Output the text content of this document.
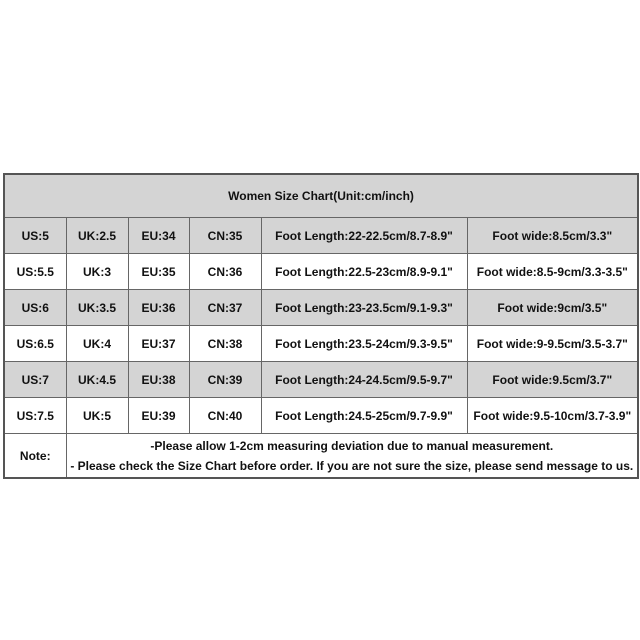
Women Size Chart(Unit:cm/inch)					
US:5	UK:2.5	EU:34	CN:35	Foot Length:22-22.5cm/8.7-8.9"	Foot wide:8.5cm/3.3"
US:5.5	UK:3	EU:35	CN:36	Foot Length:22.5-23cm/8.9-9.1"	Foot wide:8.5-9cm/3.3-3.5"
US:6	UK:3.5	EU:36	CN:37	Foot Length:23-23.5cm/9.1-9.3"	Foot wide:9cm/3.5"
US:6.5	UK:4	EU:37	CN:38	Foot Length:23.5-24cm/9.3-9.5"	Foot wide:9-9.5cm/3.5-3.7"
US:7	UK:4.5	EU:38	CN:39	Foot Length:24-24.5cm/9.5-9.7"	Foot wide:9.5cm/3.7"
US:7.5	UK:5	EU:39	CN:40	Foot Length:24.5-25cm/9.7-9.9"	Foot wide:9.5-10cm/3.7-3.9"
Note:	-Please allow 1-2cm measuring deviation due to manual measurement.
- Please check the Size Chart before order. If you are not sure the size, please send message to us.				
